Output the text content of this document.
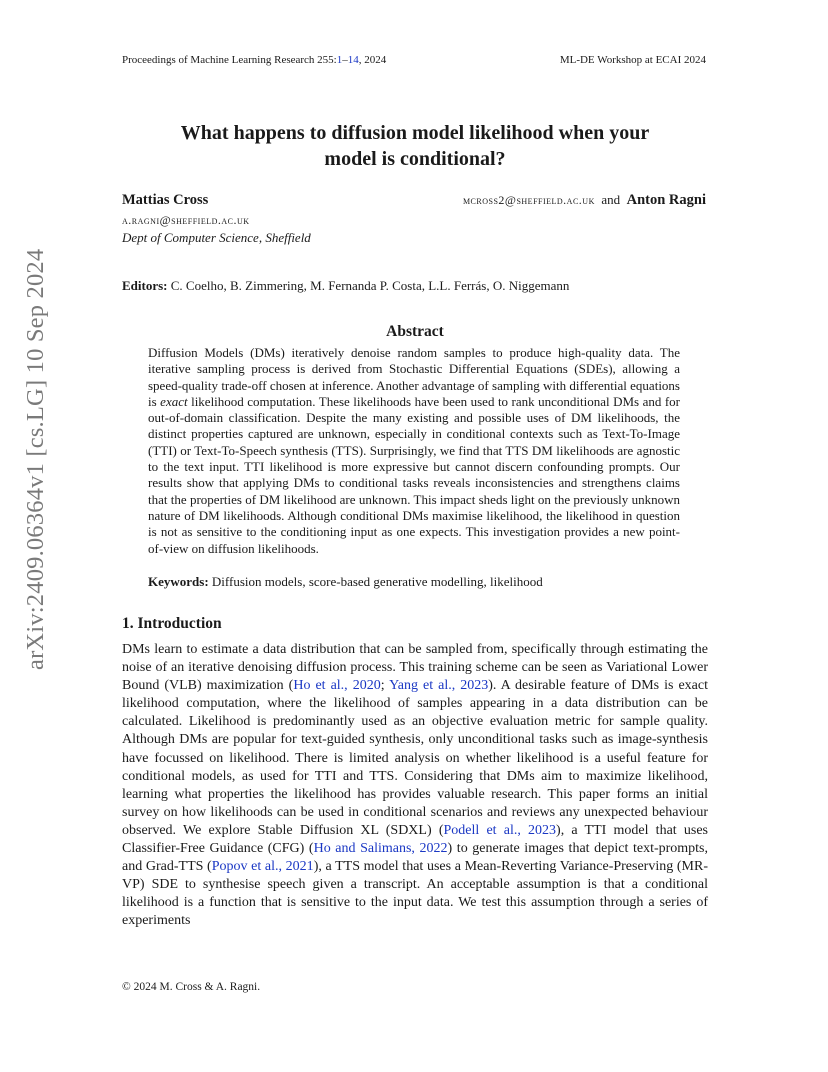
Proceedings of Machine Learning Research 255:1–14, 2024	ML-DE Workshop at ECAI 2024
arXiv:2409.06364v1 [cs.LG] 10 Sep 2024
What happens to diffusion model likelihood when your
model is conditional?
Mattias Cross	mcross2@sheffield.ac.uk and Anton Ragni
a.ragni@sheffield.ac.uk
Dept of Computer Science, Sheffield
Editors: C. Coelho, B. Zimmering, M. Fernanda P. Costa, L.L. Ferrás, O. Niggemann
Abstract
Diffusion Models (DMs) iteratively denoise random samples to produce high-quality data. The iterative sampling process is derived from Stochastic Differential Equations (SDEs), allowing a speed-quality trade-off chosen at inference. Another advantage of sampling with differential equations is exact likelihood computation. These likelihoods have been used to rank unconditional DMs and for out-of-domain classification. Despite the many existing and possible uses of DM likelihoods, the distinct properties captured are unknown, especially in conditional contexts such as Text-To-Image (TTI) or Text-To-Speech synthesis (TTS). Surprisingly, we find that TTS DM likelihoods are agnostic to the text input. TTI likelihood is more expressive but cannot discern confounding prompts. Our results show that applying DMs to conditional tasks reveals inconsistencies and strengthens claims that the properties of DM likelihood are unknown. This impact sheds light on the previously unknown nature of DM likelihoods. Although conditional DMs maximise likelihood, the likelihood in question is not as sensitive to the conditioning input as one expects. This investigation provides a new point-of-view on diffusion likelihoods.
Keywords: Diffusion models, score-based generative modelling, likelihood
1. Introduction
DMs learn to estimate a data distribution that can be sampled from, specifically through estimating the noise of an iterative denoising diffusion process. This training scheme can be seen as Variational Lower Bound (VLB) maximization (Ho et al., 2020; Yang et al., 2023). A desirable feature of DMs is exact likelihood computation, where the likelihood of samples appearing in a data distribution can be calculated. Likelihood is predominantly used as an objective evaluation metric for sample quality. Although DMs are popular for text-guided synthesis, only unconditional tasks such as image-synthesis have focussed on likelihood. There is limited analysis on whether likelihood is a useful feature for conditional models, as used for TTI and TTS. Considering that DMs aim to maximize likelihood, learning what properties the likelihood has provides valuable research. This paper forms an initial survey on how likelihoods can be used in conditional scenarios and reviews any unexpected behaviour observed. We explore Stable Diffusion XL (SDXL) (Podell et al., 2023), a TTI model that uses Classifier-Free Guidance (CFG) (Ho and Salimans, 2022) to generate images that depict text-prompts, and Grad-TTS (Popov et al., 2021), a TTS model that uses a Mean-Reverting Variance-Preserving (MR-VP) SDE to synthesise speech given a transcript. An acceptable assumption is that a conditional likelihood is a function that is sensitive to the input data. We test this assumption through a series of experiments
© 2024 M. Cross & A. Ragni.
